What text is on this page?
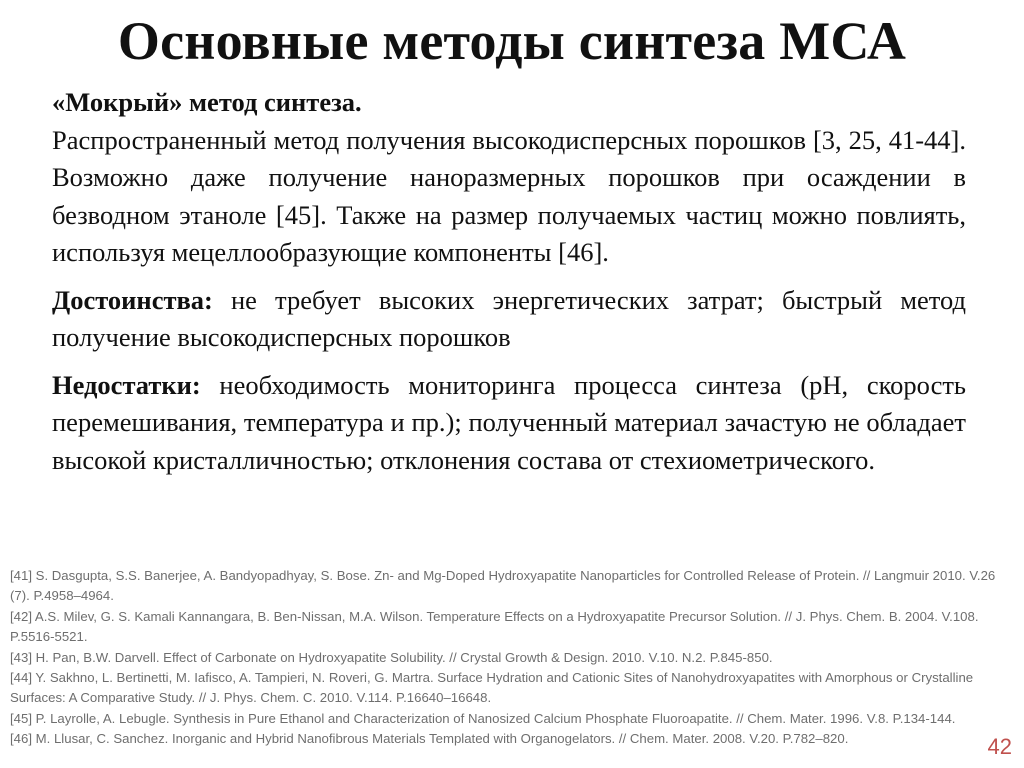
Основные методы синтеза МСА

«Мокрый» метод синтеза.

Распространенный метод получения высокодисперсных порошков [3, 25, 41-44]. Возможно даже получение наноразмерных порошков при осаждении в безводном этаноле [45]. Также на размер получаемых частиц можно повлиять, используя мецеллообразующие компоненты [46].

Достоинства: не требует высоких энергетических затрат; быстрый метод получение высокодисперсных порошков

Недостатки: необходимость мониторинга процесса синтеза (pH, скорость перемешивания, температура и пр.); полученный материал зачастую не обладает высокой кристалличностью; отклонения состава от стехиометрического.

[41] S. Dasgupta, S.S. Banerjee, A. Bandyopadhyay, S. Bose. Zn- and Mg-Doped Hydroxyapatite Nanoparticles for Controlled Release of Protein. // Langmuir 2010. V.26 (7). P.4958–4964.
[42] A.S. Milev, G. S. Kamali Kannangara, B. Ben-Nissan, M.A. Wilson. Temperature Effects on a Hydroxyapatite Precursor Solution. // J. Phys. Chem. B. 2004. V.108. P.5516-5521.
[43] H. Pan, B.W. Darvell. Effect of Carbonate on Hydroxyapatite Solubility. // Crystal Growth & Design. 2010. V.10. N.2. P.845-850.
[44] Y. Sakhno, L. Bertinetti, M. Iafisco, A. Tampieri, N. Roveri, G. Martra. Surface Hydration and Cationic Sites of Nanohydroxyapatites with Amorphous or Crystalline Surfaces: A Comparative Study. // J. Phys. Chem. C. 2010. V.114. P.16640–16648.
[45] P. Layrolle, A. Lebugle. Synthesis in Pure Ethanol and Characterization of Nanosized Calcium Phosphate Fluoroapatite. // Chem. Mater. 1996. V.8. P.134-144.
[46] M. Llusar, C. Sanchez. Inorganic and Hybrid Nanofibrous Materials Templated with Organogelators. // Chem. Mater. 2008. V.20. P.782–820.	42
